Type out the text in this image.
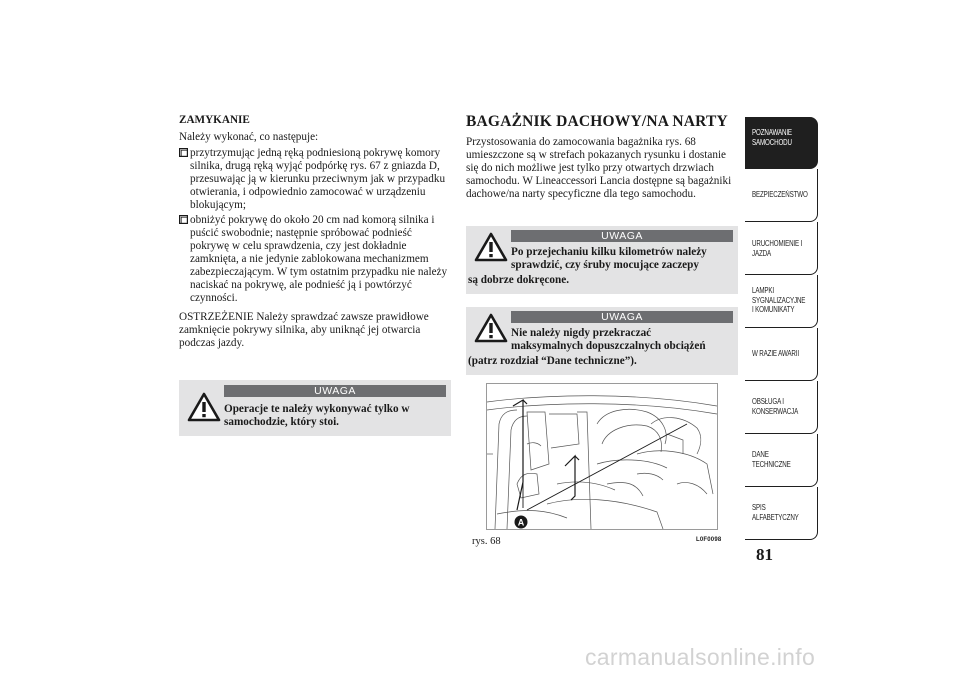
ZAMYKANIE

Należy wykonać, co następuje:

przytrzymując jedną ręką podniesioną pokrywę komory silnika, drugą ręką wyjąć podpórkę rys. 67 z gniazda D, przesuwając ją w kierunku przeciwnym jak w przypadku otwierania, i odpowiednio zamocować w urządzeniu blokującym;

obniżyć pokrywę do około 20 cm nad komorą silnika i puścić swobodnie; następnie spróbować podnieść pokrywę w celu sprawdzenia, czy jest dokładnie zamknięta, a nie jedynie zablokowana mechanizmem zabezpieczającym. W tym ostatnim przypadku nie należy naciskać na pokrywę, ale podnieść ją i powtórzyć czynności.

OSTRZEŻENIE Należy sprawdzać zawsze prawidłowe zamknięcie pokrywy silnika, aby uniknąć jej otwarcia podczas jazdy.

UWAGA
Operacje te należy wykonywać tylko w
samochodzie, który stoi.
BAGAŻNIK DACHOWY/NA NARTY

Przystosowania do zamocowania bagażnika rys. 68 umieszczone są w strefach pokazanych rysunku i dostanie się do nich możliwe jest tylko przy otwartych drzwiach samochodu. W Lineaccessori Lancia dostępne są bagażniki dachowe/na narty specyficzne dla tego samochodu.

UWAGA
Po przejechaniu kilku kilometrów należy
sprawdzić, czy śruby mocujące zaczepy
są dobrze dokręcone.
UWAGA
Nie należy nigdy przekraczać
maksymalnych dopuszczalnych obciążeń
(patrz rozdział “Dane techniczne”).
A
rys. 68	L0F0098
POZNAWANIE
SAMOCHODU
BEZPIECZEŃSTWO
URUCHOMIENIE I
JAZDA
LAMPKI
SYGNALIZACYJNE
I KOMUNIKATY
W RAZIE AWARII
OBSŁUGA I
KONSERWACJA
DANE
TECHNICZNE
SPIS
ALFABETYCZNY
81
carmanualsonline.info
